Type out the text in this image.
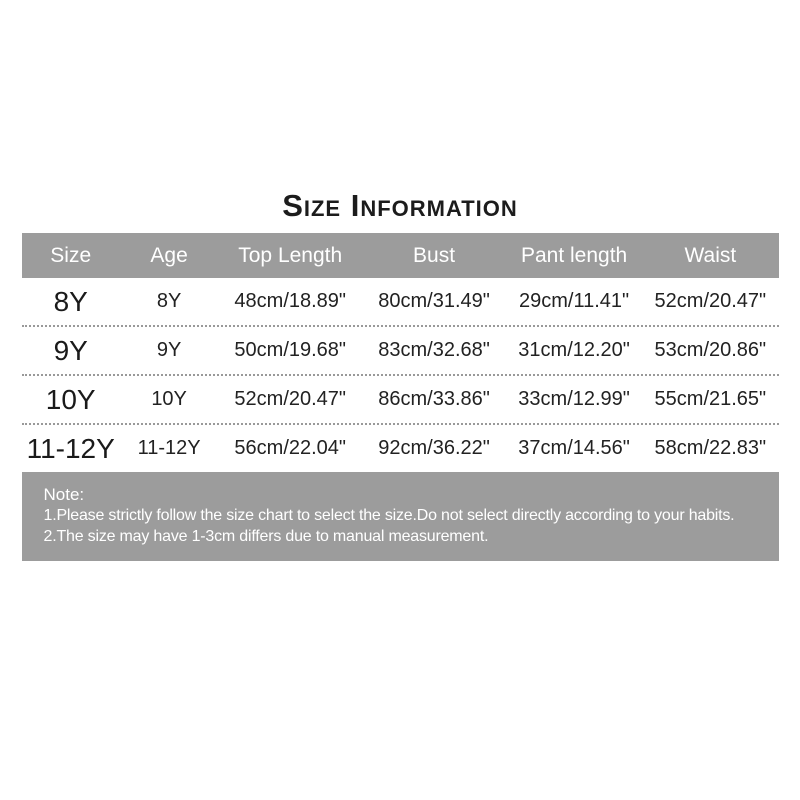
Size Information
Size	Age	Top Length	Bust	Pant length	Waist
8Y	8Y	48cm/18.89"	80cm/31.49"	29cm/11.41"	52cm/20.47"
9Y	9Y	50cm/19.68"	83cm/32.68"	31cm/12.20"	53cm/20.86"
10Y	10Y	52cm/20.47"	86cm/33.86"	33cm/12.99"	55cm/21.65"
11-12Y	11-12Y	56cm/22.04"	92cm/36.22"	37cm/14.56"	58cm/22.83"
Note:
1.Please strictly follow the size chart to select the size.Do not select directly according to your habits.
2.The size may have 1-3cm differs due to manual measurement.
